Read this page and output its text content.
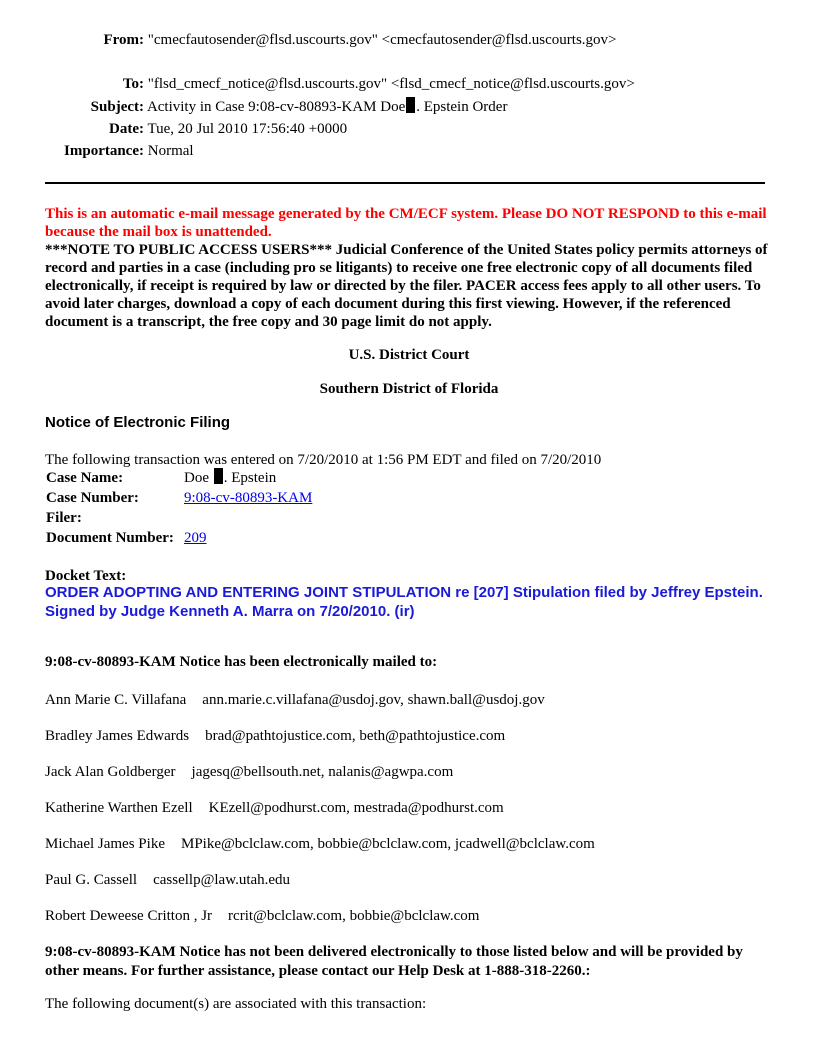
From: "cmecfautosender@flsd.uscourts.gov" <cmecfautosender@flsd.uscourts.gov>
To: "flsd_cmecf_notice@flsd.uscourts.gov" <flsd_cmecf_notice@flsd.uscourts.gov>
Subject: Activity in Case 9:08-cv-80893-KAM Doe . Epstein Order
Date: Tue, 20 Jul 2010 17:56:40 +0000
Importance: Normal
This is an automatic e-mail message generated by the CM/ECF system. Please DO NOT RESPOND to this e-mail because the mail box is unattended.
***NOTE TO PUBLIC ACCESS USERS*** Judicial Conference of the United States policy permits attorneys of record and parties in a case (including pro se litigants) to receive one free electronic copy of all documents filed electronically, if receipt is required by law or directed by the filer. PACER access fees apply to all other users. To avoid later charges, download a copy of each document during this first viewing. However, if the referenced document is a transcript, the free copy and 30 page limit do not apply.
U.S. District Court
Southern District of Florida
Notice of Electronic Filing
The following transaction was entered on 7/20/2010 at 1:56 PM EDT and filed on 7/20/2010
Case Name:	Doe . Epstein
Case Number:	9:08-cv-80893-KAM
Filer:	
Document Number:	209
Docket Text:
ORDER ADOPTING AND ENTERING JOINT STIPULATION re [207] Stipulation filed by Jeffrey Epstein. Signed by Judge Kenneth A. Marra on 7/20/2010. (ir)
9:08-cv-80893-KAM Notice has been electronically mailed to:
Ann Marie C. Villafana ann.marie.c.villafana@usdoj.gov, shawn.ball@usdoj.gov
Bradley James Edwards brad@pathtojustice.com, beth@pathtojustice.com
Jack Alan Goldberger jagesq@bellsouth.net, nalanis@agwpa.com
Katherine Warthen Ezell KEzell@podhurst.com, mestrada@podhurst.com
Michael James Pike MPike@bclclaw.com, bobbie@bclclaw.com, jcadwell@bclclaw.com
Paul G. Cassell cassellp@law.utah.edu
Robert Deweese Critton , Jr rcrit@bclclaw.com, bobbie@bclclaw.com
9:08-cv-80893-KAM Notice has not been delivered electronically to those listed below and will be provided by other means. For further assistance, please contact our Help Desk at 1-888-318-2260.:
The following document(s) are associated with this transaction:
